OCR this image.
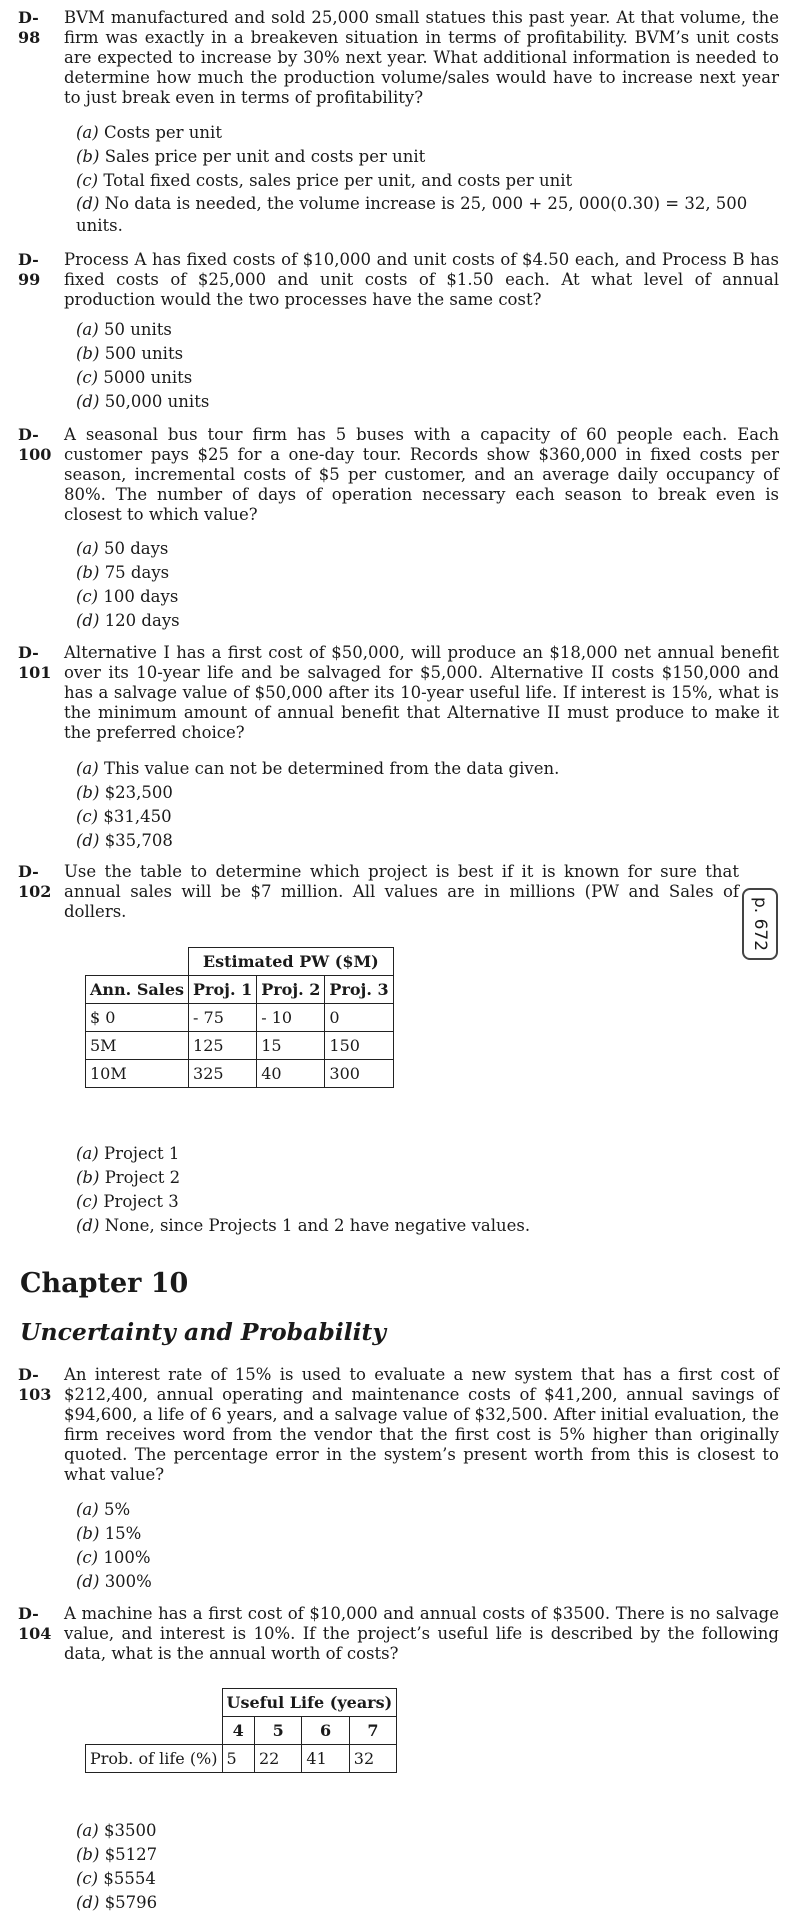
D-
98

BVM manufactured and sold 25,000 small statues this past year. At that volume, the firm was exactly in a breakeven situation in terms of profitability. BVM’s unit costs are expected to increase by 30% next year. What additional information is needed to determine how much the production volume/sales would have to increase next year to just break even in terms of profitability?

(a) Costs per unit
(b) Sales price per unit and costs per unit
(c) Total fixed costs, sales price per unit, and costs per unit
(d) No data is needed, the volume increase is 25, 000 + 25, 000(0.30) = 32, 500 units.
D-
99

Process A has fixed costs of $10,000 and unit costs of $4.50 each, and Process B has fixed costs of $25,000 and unit costs of $1.50 each. At what level of annual production would the two processes have the same cost?

(a) 50 units
(b) 500 units
(c) 5000 units
(d) 50,000 units
D-
100

A seasonal bus tour firm has 5 buses with a capacity of 60 people each. Each customer pays $25 for a one-day tour. Records show $360,000 in fixed costs per season, incremental costs of $5 per customer, and an average daily occupancy of 80%. The number of days of operation necessary each season to break even is closest to which value?

(a) 50 days
(b) 75 days
(c) 100 days
(d) 120 days
D-
101

Alternative I has a first cost of $50,000, will produce an $18,000 net annual benefit over its 10-year life and be salvaged for $5,000. Alternative II costs $150,000 and has a salvage value of $50,000 after its 10-year useful life. If interest is 15%, what is the minimum amount of annual benefit that Alternative II must produce to make it the preferred choice?

(a) This value can not be determined from the data given.
(b) $23,500
(c) $31,450
(d) $35,708
D-
102

Use the table to determine which project is best if it is known for sure that annual sales will be $7 million. All values are in millions (PW and Sales of dollers.

	Estimated PW ($M)		
Ann. Sales	Proj. 1	Proj. 2	Proj. 3
$ 0	- 75	- 10	0
5M	125	15	150
10M	325	40	300
(a) Project 1
(b) Project 2
(c) Project 3
(d) None, since Projects 1 and 2 have negative values.
Chapter 10
Uncertainty and Probability
D-
103

An interest rate of 15% is used to evaluate a new system that has a first cost of $212,400, annual operating and maintenance costs of $41,200, annual savings of $94,600, a life of 6 years, and a salvage value of $32,500. After initial evaluation, the firm receives word from the vendor that the first cost is 5% higher than originally quoted. The percentage error in the system’s present worth from this is closest to what value?

(a) 5%
(b) 15%
(c) 100%
(d) 300%
D-
104

A machine has a first cost of $10,000 and annual costs of $3500. There is no salvage value, and interest is 10%. If the project’s useful life is described by the following data, what is the annual worth of costs?

	Useful Life (years)			
	4	5	6	7
Prob. of life (%)	5	22	41	32
(a) $3500
(b) $5127
(c) $5554
(d) $5796
p. 672
